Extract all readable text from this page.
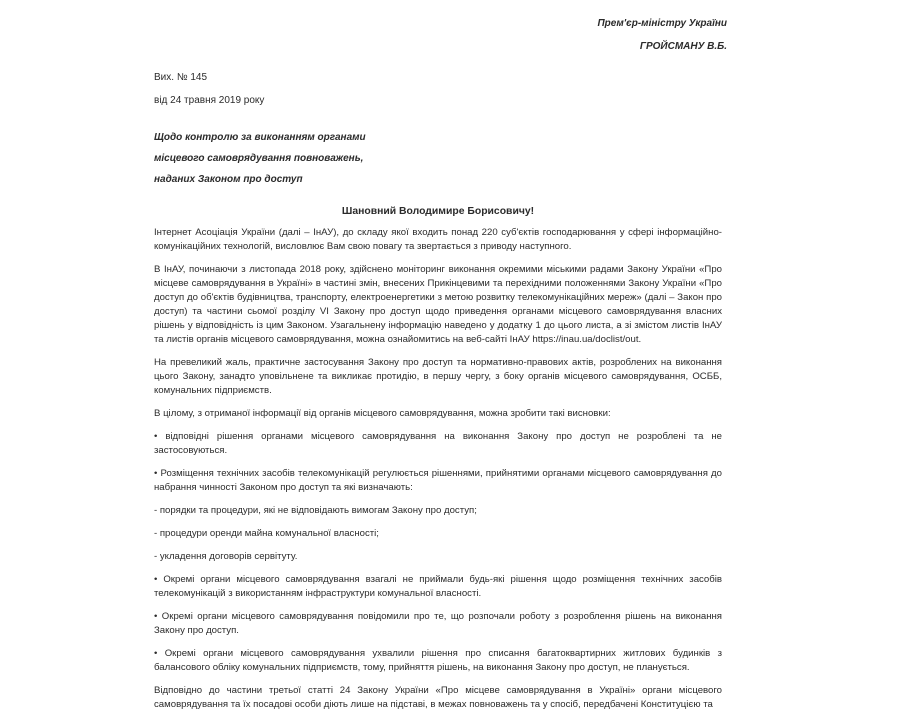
Прем'єр-міністру України
ГРОЙСМАНУ В.Б.
Вих. № 145
від 24 травня 2019 року
Щодо контролю за виконанням органами
місцевого самоврядування повноважень,
наданих Законом про доступ
Шановний Володимире Борисовичу!

Інтернет Асоціація України (далі – ІнАУ), до складу якої входить понад 220 суб'єктів господарювання у сфері інформаційно-комунікаційних технологій, висловлює Вам свою повагу та звертається з приводу наступного.

В ІнАУ, починаючи з листопада 2018 року, здійснено моніторинг виконання окремими міськими радами Закону України «Про місцеве самоврядування в Україні» в частині змін, внесених Прикінцевими та перехідними положеннями Закону України «Про доступ до об'єктів будівництва, транспорту, електроенергетики з метою розвитку телекомунікаційних мереж» (далі – Закон про доступ) та частини сьомої розділу VI Закону про доступ щодо приведення органами місцевого самоврядування власних рішень у відповідність із цим Законом. Узагальнену інформацію наведено у додатку 1 до цього листа, а зі змістом листів ІнАУ та листів органів місцевого самоврядування, можна ознайомитись на веб-сайті ІнАУ https://inau.ua/doclist/out.

На превеликий жаль, практичне застосування Закону про доступ та нормативно-правових актів, розроблених на виконання цього Закону, занадто уповільнене та викликає протидію, в першу чергу, з боку органів місцевого самоврядування, ОСББ, комунальних підприємств.

В цілому, з отриманої інформації від органів місцевого самоврядування, можна зробити такі висновки:

• відповідні рішення органами місцевого самоврядування на виконання Закону про доступ не розроблені та не застосовуються.

• Розміщення технічних засобів телекомунікацій регулюється рішеннями, прийнятими органами місцевого самоврядування до набрання чинності Законом про доступ та які визначають:

- порядки та процедури, які не відповідають вимогам Закону про доступ;

- процедури оренди майна комунальної власності;

- укладення договорів сервітуту.

• Окремі органи місцевого самоврядування взагалі не приймали будь-які рішення щодо розміщення технічних засобів телекомунікацій з використанням інфраструктури комунальної власності.

• Окремі органи місцевого самоврядування повідомили про те, що розпочали роботу з розроблення рішень на виконання Закону про доступ.

• Окремі органи місцевого самоврядування ухвалили рішення про списання багатоквартирних житлових будинків з балансового обліку комунальних підприємств, тому, прийняття рішень, на виконання Закону про доступ, не планується.

Відповідно до частини третьої статті 24 Закону України «Про місцеве самоврядування в Україні» органи місцевого самоврядування та їх посадові особи діють лише на підставі, в межах повноважень та у спосіб, передбачені Конституцією та
